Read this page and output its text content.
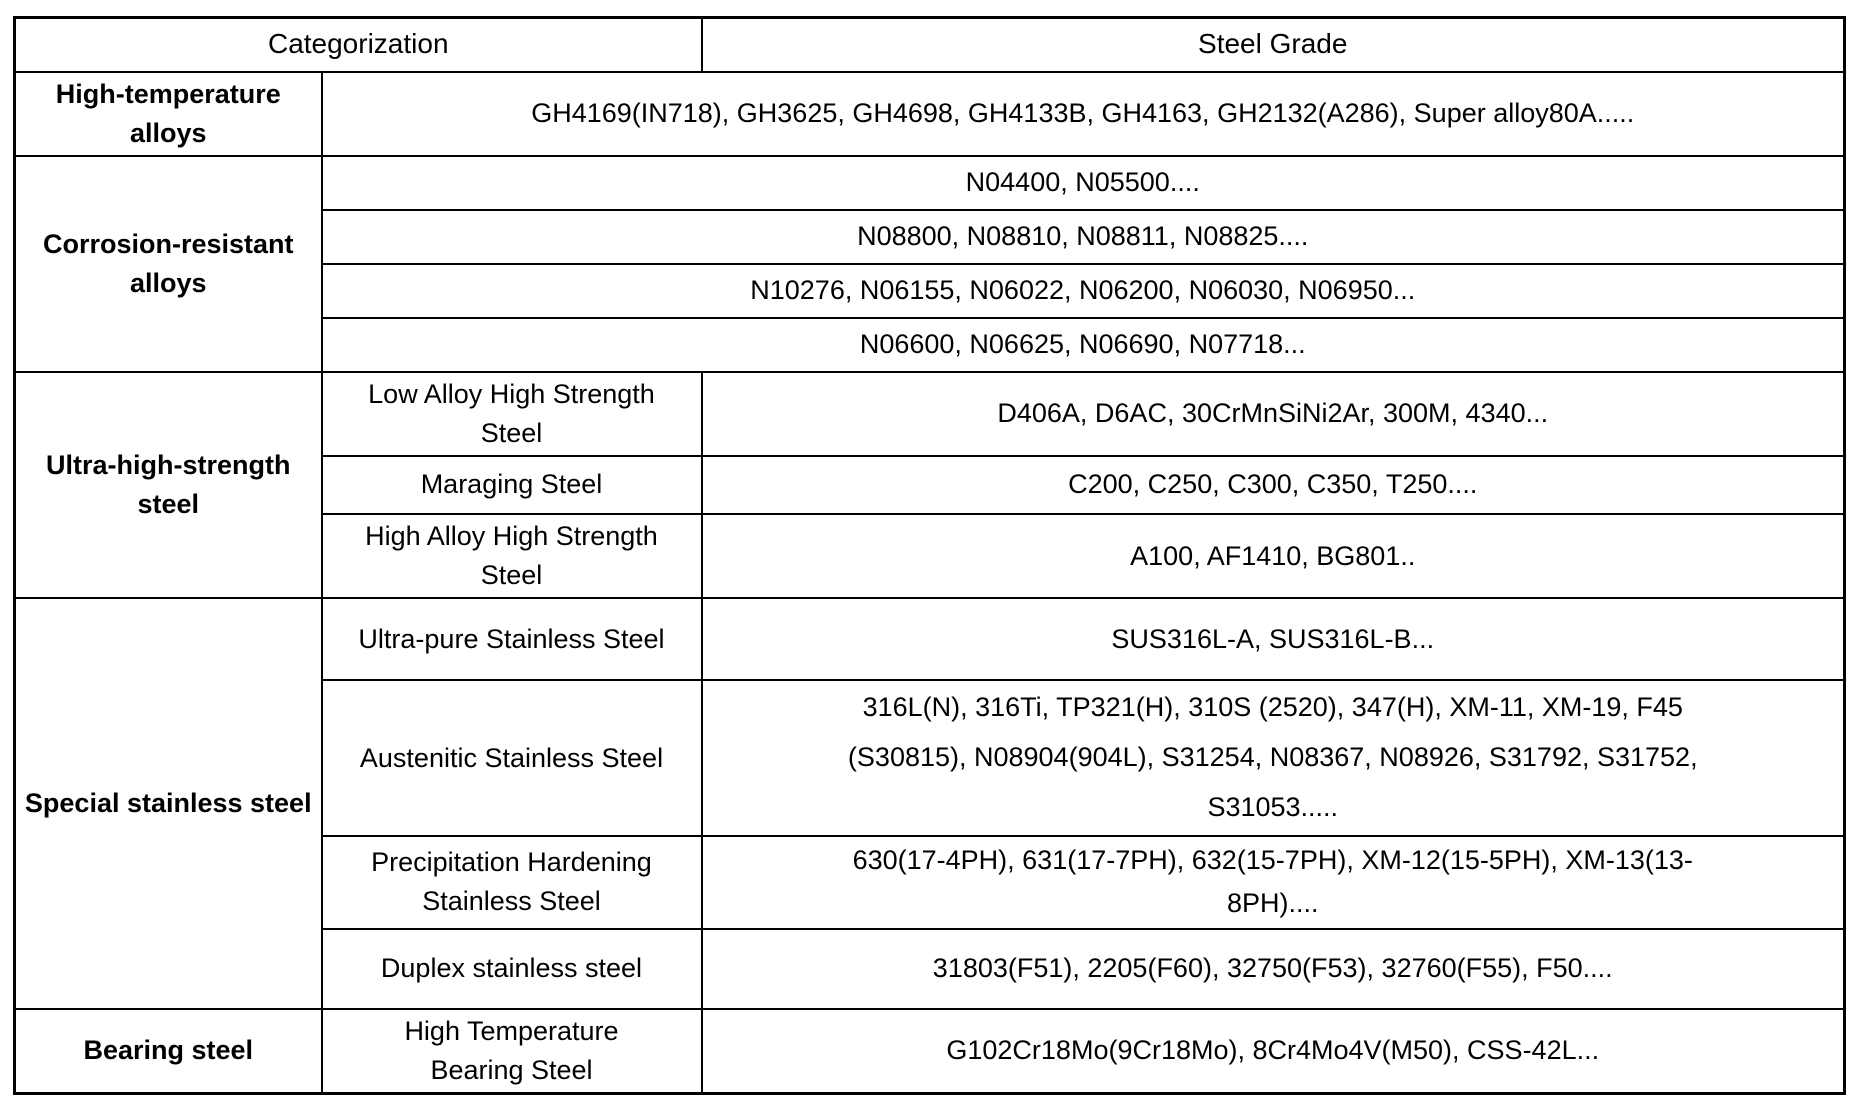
Categorization		Steel Grade
High-temperature alloys	GH4169(IN718), GH3625, GH4698, GH4133B, GH4163, GH2132(A286), Super alloy80A.....	
Corrosion-resistant alloys	N04400, N05500....	
	N08800, N08810, N08811, N08825....	
	N10276, N06155, N06022, N06200, N06030, N06950...	
	N06600, N06625, N06690, N07718...	
Ultra-high-strength steel	Low Alloy High Strength Steel	D406A, D6AC, 30CrMnSiNi2Ar, 300M, 4340...
	Maraging Steel	C200, C250, C300, C350, T250....
	High Alloy High Strength Steel	A100, AF1410, BG801..
Special stainless steel	Ultra-pure Stainless Steel	SUS316L-A, SUS316L-B...
	Austenitic Stainless Steel	316L(N), 316Ti, TP321(H), 310S (2520), 347(H), XM-11, XM-19, F45 (S30815), N08904(904L), S31254, N08367, N08926, S31792, S31752, S31053.....
	Precipitation Hardening Stainless Steel	630(17-4PH), 631(17-7PH), 632(15-7PH), XM-12(15-5PH), XM-13(13-8PH)....
	Duplex stainless steel	31803(F51), 2205(F60), 32750(F53), 32760(F55), F50....
Bearing steel	High Temperature Bearing Steel	G102Cr18Mo(9Cr18Mo), 8Cr4Mo4V(M50), CSS-42L...
